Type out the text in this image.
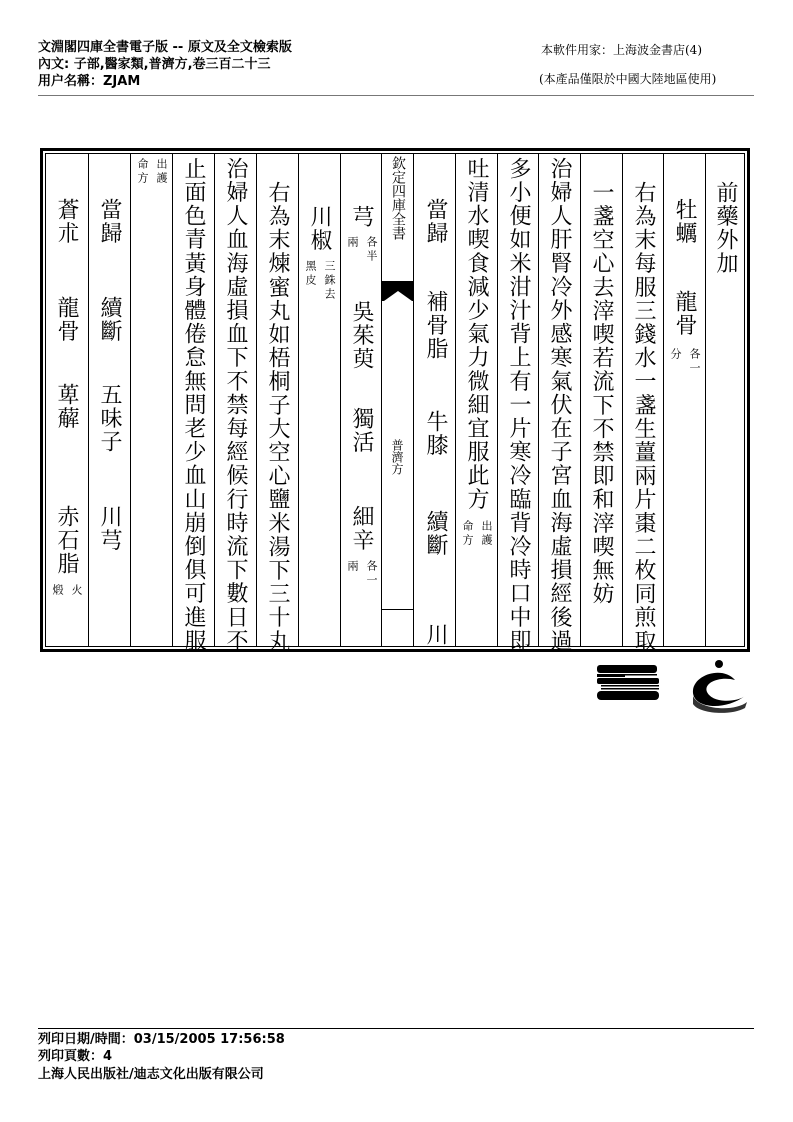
文淵閣四庫全書電子版 -- 原文及全文檢索版
內文: 子部,醫家類,普濟方,卷三百二十三
用户名稱：ZJAM
本軟件用家：上海波金書店(4)
(本產品僅限於中國大陸地區使用)
蒼朮
龍骨
萆薢
赤石脂
火
煅
當歸
續斷
五味子
川芎
出護
命方 止面色青黃身體倦怠無問老少血山崩倒俱可進服 治婦人血海虛損血下不禁每經候行時流下數日不 右為末煉蜜丸如梧桐子大空心鹽米湯下三十丸 川椒
三銖去
黑皮
芎
各半
兩
吳茱萸
獨活
細辛
各一
兩
欽定四庫全書
普濟方
當歸
補骨脂
牛膝
續斷
川
吐清水喫食減少氣力微細宜服此方
出護
命方 多小便如米泔汁背上有一片寒冷臨背冷時口中即 治婦人肝腎冷外感寒氣伏在子宮血海虛損經後過 一盞空心去滓喫若流下不禁即和滓喫無妨 右為末每服三錢水一盞生薑兩片棗二枚同煎取 牡蠣
龍骨
各一
分
前藥外加
列印日期/時間：03/15/2005 17:56:58
列印頁數：4
上海人民出版社/迪志文化出版有限公司
